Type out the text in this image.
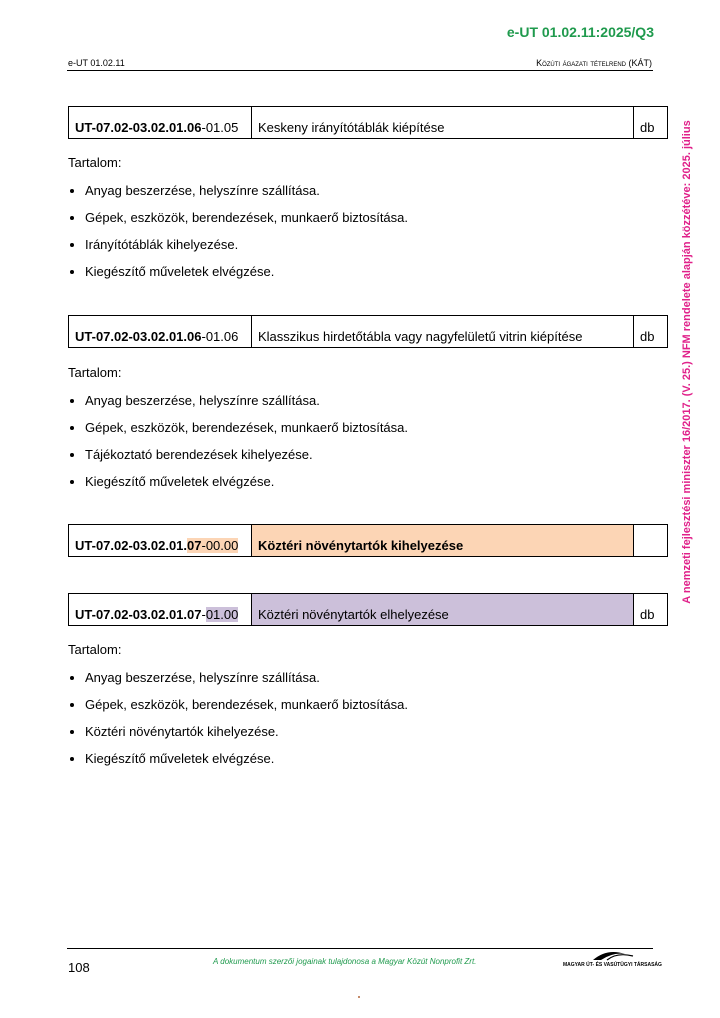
e-UT 01.02.11:2025/Q3
e-UT 01.02.11	Közúti ágazati tételrend (KÁT)
A nemzeti fejlesztési miniszter 16/2017. (V. 25.) NFM rendelete alapján közzétéve: 2025. július
UT-07.02-03.02.01.06 -01.05	Keskeny irányítótáblák kiépítése	db

Tartalom:

Anyag beszerzése, helyszínre szállítása.
Gépek, eszközök, berendezések, munkaerő biztosítása.
Irányítótáblák kihelyezése.
Kiegészítő műveletek elvégzése.
UT-07.02-03.02.01.06 -01.06	Klasszikus hirdetőtábla vagy nagyfelületű vitrin kiépítése	db

Tartalom:

Anyag beszerzése, helyszínre szállítása.
Gépek, eszközök, berendezések, munkaerő biztosítása.
Tájékoztató berendezések kihelyezése.
Kiegészítő műveletek elvégzése.
UT-07.02-03.02.01. 07 -00.00	Köztéri növénytartók kihelyezése
UT-07.02-03.02.01.07 - 01.00	Köztéri növénytartók elhelyezése	db

Tartalom:

Anyag beszerzése, helyszínre szállítása.
Gépek, eszközök, berendezések, munkaerő biztosítása.
Köztéri növénytartók kihelyezése.
Kiegészítő műveletek elvégzése.
108	A dokumentum szerzői jogainak tulajdonosa a Magyar Közút Nonprofit Zrt.	MAGYAR ÚT- ÉS VASÚTÜGYI TÁRSASÁG
